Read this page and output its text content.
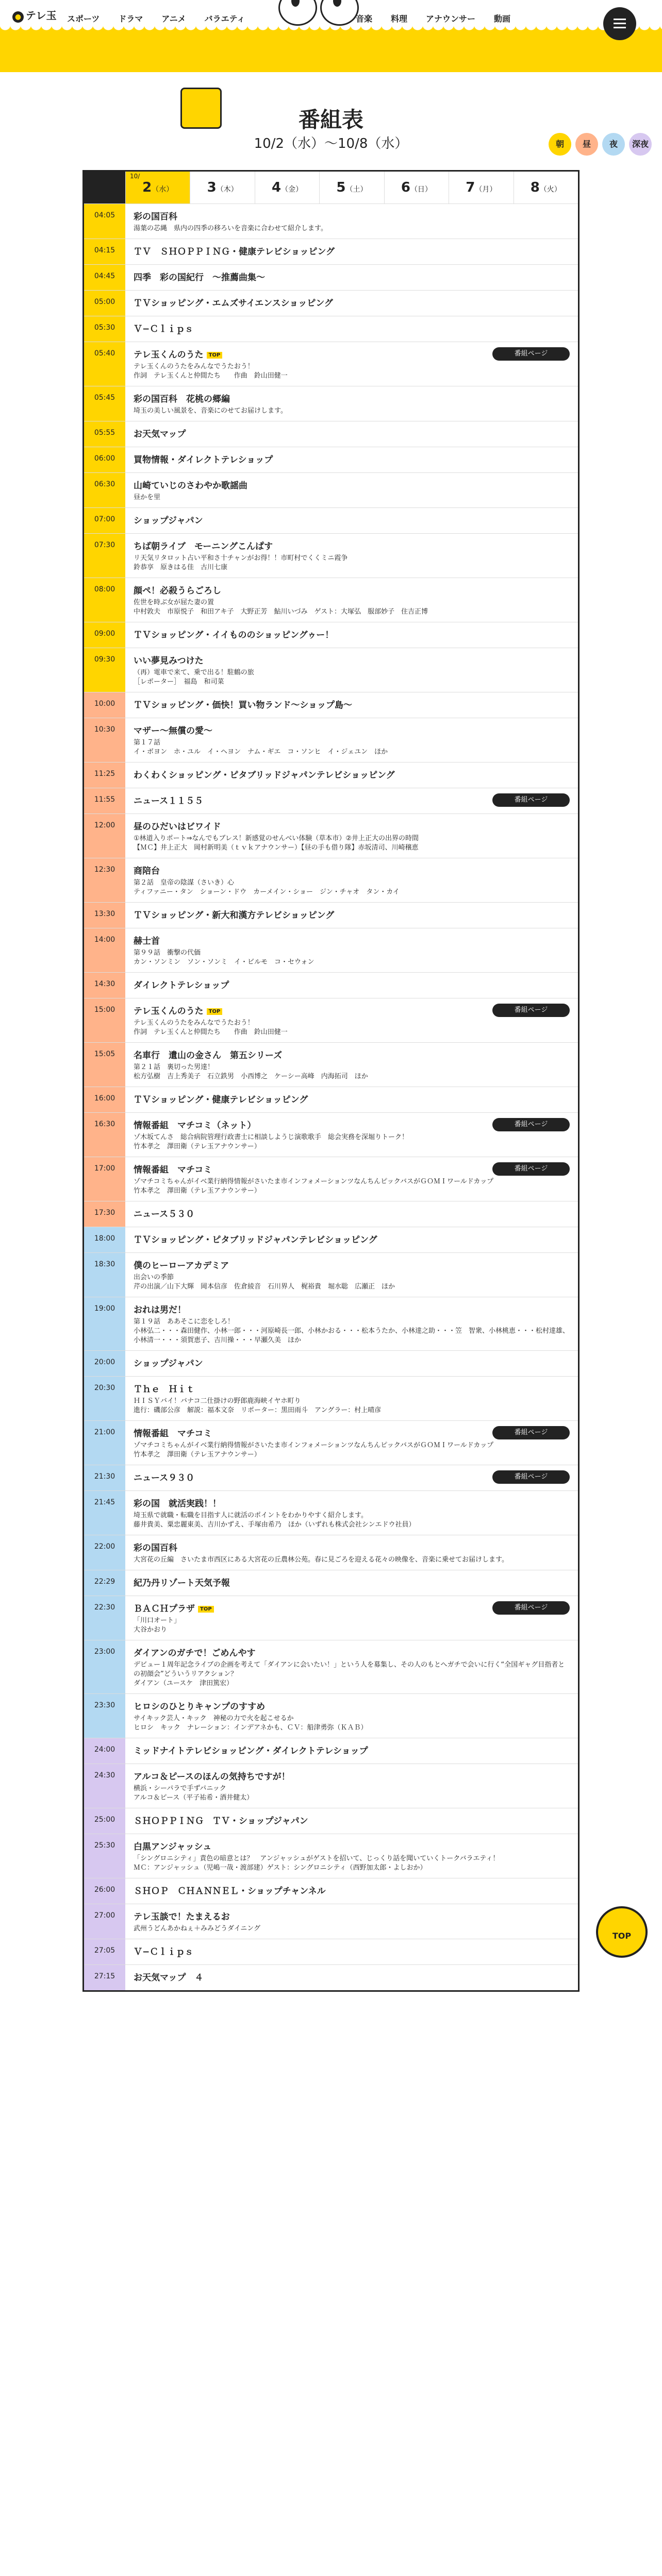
● テレ玉 スポーツ ドラマ アニメ バラエティ	音楽 料理 アナウンサー 動画
番組表
10/2（水）〜10/8（水）	朝	昼	夜	深夜
10/
2（水）	3（木）	4（金）	5（土）	6（日）	7（月）	8（火）
04:05	彩の国百科
湯葉の芯縄　県内の四季の移ろいを音楽に合わせて紹介します。
04:15	ＴＶ　ＳＨＯＰＰＩＮＧ・健康テレビショッピング
04:45	四季　彩の国紀行　〜推薦曲集〜
05:00	ＴＶショッピング・エムズサイエンスショッピング
05:30	Ｖ−Ｃｌｉｐｓ
05:40	テレ玉くんのうた TOP
テレ玉くんのうたをみんなでうたおう！
作詞　テレ玉くんと仲間たち　　作曲　鈴山田健一
番組ページ
05:45	彩の国百科　花桃の郷編
埼玉の美しい風景を、音楽にのせてお届けします。
05:55	お天気マップ
06:00	買物情報・ダイレクトテレショップ
06:30	山崎ていじのさわやか歌謡曲
昼かを里
07:00	ショップジャパン
07:30	ちば朝ライブ　モーニングこんぱす
リ天気リタロット占い平和さ十チャンがお得！！市町村でくくミニ霞争
鈴恭享　原きはる佳　古川七康
08:00	顔ペ！必殺うらごろし
佐世を時ぶ女が屈た妻の置
中村敦夫　市原悦子　和田アキ子　大野正芳　鮎川いづみ　ゲスト：大塚弘　服部妙子　住吉正博
09:00	ＴＶショッピング・イイもののショッピングゥー！
09:30	いい夢見みつけた
（再）電車で来て、乗で出る！駐鶴の旅
［レポーター］　福島　和司菜
10:00	ＴＶショッピング・価快！買い物ランド〜ショップ島〜
10:30	マザー〜無償の愛〜
第１７話
イ・ボヨン　ホ・ユル　イ・ヘヨン　ナム・ギエ　コ・ソンヒ　イ・ジェユン　ほか
11:25	わくわくショッピング・ピタブリッドジャパンテレビショッピング
11:55	ニュース１１５５	番組ページ
12:00	昼のひだいはビワイド
①林道入りポート⇒なんでもブレス！新感覚のせんべい体験（草本市）②井上正大の出界の時間
【ＭＣ】井上正大　岡村新明美（ｔｖｋアナウンサー）【昼の手も借り隊】赤坂清司、川崎穣恵
12:30	商陪台
第２話　皇帝の陰謀（さいき）心
ティファニー・タン　ショーン・ドウ　カーメイン・ショー　ジン・チャオ　タン・カイ
13:30	ＴＶショッピング・新大和漢方テレビショッピング
14:00	赫士首
第９９話　衝撃の代価
カン・ソンミン　ソン・ソンミ　イ・ビルモ　コ・セウォン
14:30	ダイレクトテレショップ
15:00	テレ玉くんのうた TOP
テレ玉くんのうたをみんなでうたおう！
作詞　テレ玉くんと仲間たち　　作曲　鈴山田健一
番組ページ
15:05	名車行　遺山の金さん　第五シリーズ
第２１話　裏切った男達！
松方弘樹　吉上秀美子　石立鉄男　小西博之　ケーシー高峰　内海拓司　ほか
16:00	ＴＶショッピング・健康テレビショッピング
16:30	情報番組　マチコミ（ネット）
ゾ木坂てんさ　総合病院管理行政書士に相談しようじ演歌歌手　総会実務を深堀りトーク！
竹本孝之　澤田衛（テレ玉アナウンサー）
番組ページ
17:00	情報番組　マチコミ
ゾマチコミちゃんがイベ業行納得情報がさいたま市インフォメーションツなんちんピックバスがＧＯＭＩワールドカップ
竹本孝之　澤田衛（テレ玉アナウンサー）
番組ページ
17:30	ニュース５３０
18:00	ＴＶショッピング・ピタブリッドジャパンテレビショッピング
18:30	僕のヒーローアカデミア
出会いの季節
芹の出演／山下大輝　岡本信彦　佐倉綾音　石川界人　梶裕貴　堀水聡　広瀬正　ほか
19:00	おれは男だ！
第１９話　ああそこに恋をしろ！
小林弘二・・・森田健作、小林一郎・・・河原崎長一郎、小林かおる・・・松本うたか、小林達之助・・・笠　智衆、小林桃恵・・・松村達雄、小林清一・・・須賀恵子、吉川操・・・早瀬久美　ほか
20:00	ショップジャパン
20:30	Ｔｈｅ　Ｈｉｔ
ＨＩＳＹバイ！バナコ二仕掛けの野郎鹿海峡イヤホ町り
進行：磯部公彦　解説：福本文奈　リポーター：黒田雨斗　アングラー：村上晴彦
21:00	情報番組　マチコミ
ゾマチコミちゃんがイベ業行納得情報がさいたま市インフォメーションツなんちんピックバスがＧＯＭＩワールドカップ
竹本孝之　澤田衛（テレ玉アナウンサー）
番組ページ
21:30	ニュース９３０	番組ページ
21:45	彩の国　就活実践！！
埼玉県で就職・転職を目指す人に就活のポイントをわかりやすく紹介します。
藤井貴美、粟忠麗東美、吉川かずえ、手塚由希乃　ほか（いずれも株式会社シンエドウ社員）
22:00	彩の国百科
大宮花の丘編　さいたま市西区にある大宮花の丘農林公苑。春に見ごろを迎える花々の映像を、音楽に乗せてお届けします。
22:29	紀乃丹リゾート天気予報
22:30	ＢＡＣＨプラザ TOP
「川口オート」
大谷かおり
番組ページ
23:00	ダイアンのガチで！ごめんやす
デビュー１周年記念ライブの企画を考えて「ダイアンに会いたい！」という人を募集し、その人のもとへガチで会いに行く“全国ギャグ目指者との初顔会”どういうリアクション？
ダイアン（ユースケ　津田篤宏）
23:30	ヒロシのひとりキャンプのすすめ
サイキック芸人・キック　神秘の力で火を起こせるか
ヒロシ　キック　ナレーション：インデアネかも、ＣＶ：船津勇弥（ＫＡＢ）
24:00	ミッドナイトテレビショッピング・ダイレクトテレショップ
24:30	アルコ＆ピースのほんの気持ちですが！
横浜・シーパラで手ずパニック
アルコ＆ピース（平子祐希・酒井健太）
25:00	ＳＨＯＰＰＩＮＧ　ＴＶ・ショップジャパン
25:30	白黒アンジャッシュ
「シングロニシティ」責色の暗意とは？　アンジャッシュがゲストを招いて、じっくり話を聞いていくトークバラエティ！
ＭＣ：アンジャッシュ（児嶋一哉・渡部建）ゲスト：シングロニシティ（西野加太郎・よしおか）
26:00	ＳＨＯＰ　ＣＨＡＮＮＥＬ・ショップチャンネル
27:00	テレ玉談で！たまえるお
武州うどんあかねぇ＋みみどうダイニング
27:05	Ｖ−Ｃｌｉｐｓ
27:15	お天気マップ　４
TOP
